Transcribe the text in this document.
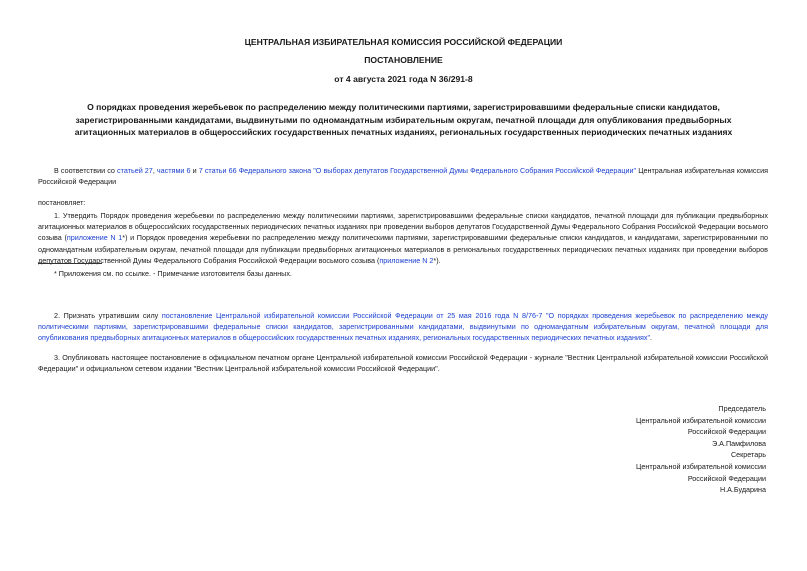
ЦЕНТРАЛЬНАЯ ИЗБИРАТЕЛЬНАЯ КОМИССИЯ РОССИЙСКОЙ ФЕДЕРАЦИИ
ПОСТАНОВЛЕНИЕ
от 4 августа 2021 года N 36/291-8
О порядках проведения жеребьевок по распределению между политическими партиями, зарегистрировавшими федеральные списки кандидатов, зарегистрированными кандидатами, выдвинутыми по одномандатным избирательным округам, печатной площади для опубликования предвыборных агитационных материалов в общероссийских государственных печатных изданиях, региональных государственных периодических печатных изданиях
В соответствии со статьей 27, частями 6 и 7 статьи 66 Федерального закона "О выборах депутатов Государственной Думы Федерального Собрания Российской Федерации" Центральная избирательная комиссия Российской Федерации
постановляет:
1. Утвердить Порядок проведения жеребьевки по распределению между политическими партиями, зарегистрировавшими федеральные списки кандидатов, печатной площади для публикации предвыборных агитационных материалов в общероссийских государственных периодических печатных изданиях при проведении выборов депутатов Государственной Думы Федерального Собрания Российской Федерации восьмого созыва (приложение N 1*) и Порядок проведения жеребьевки по распределению между политическими партиями, зарегистрировавшими федеральные списки кандидатов, и кандидатами, зарегистрированными по одномандатным избирательным округам, печатной площади для публикации предвыборных агитационных материалов в региональных государственных периодических печатных изданиях при проведении выборов депутатов Государственной Думы Федерального Собрания Российской Федерации восьмого созыва (приложение N 2*).
* Приложения см. по ссылке. - Примечание изготовителя базы данных.
2. Признать утратившим силу постановление Центральной избирательной комиссии Российской Федерации от 25 мая 2016 года N 8/76-7 "О порядках проведения жеребьевок по распределению между политическими партиями, зарегистрировавшими федеральные списки кандидатов, зарегистрированными кандидатами, выдвинутыми по одномандатным избирательным округам, печатной площади для опубликования предвыборных агитационных материалов в общероссийских государственных печатных изданиях, региональных государственных периодических печатных изданиях".
3. Опубликовать настоящее постановление в официальном печатном органе Центральной избирательной комиссии Российской Федерации - журнале "Вестник Центральной избирательной комиссии Российской Федерации" и официальном сетевом издании "Вестник Центральной избирательной комиссии Российской Федерации".
Председатель
Центральной избирательной комиссии
Российской Федерации
Э.А.Памфилова
Секретарь
Центральной избирательной комиссии
Российской Федерации
Н.А.Бударина
